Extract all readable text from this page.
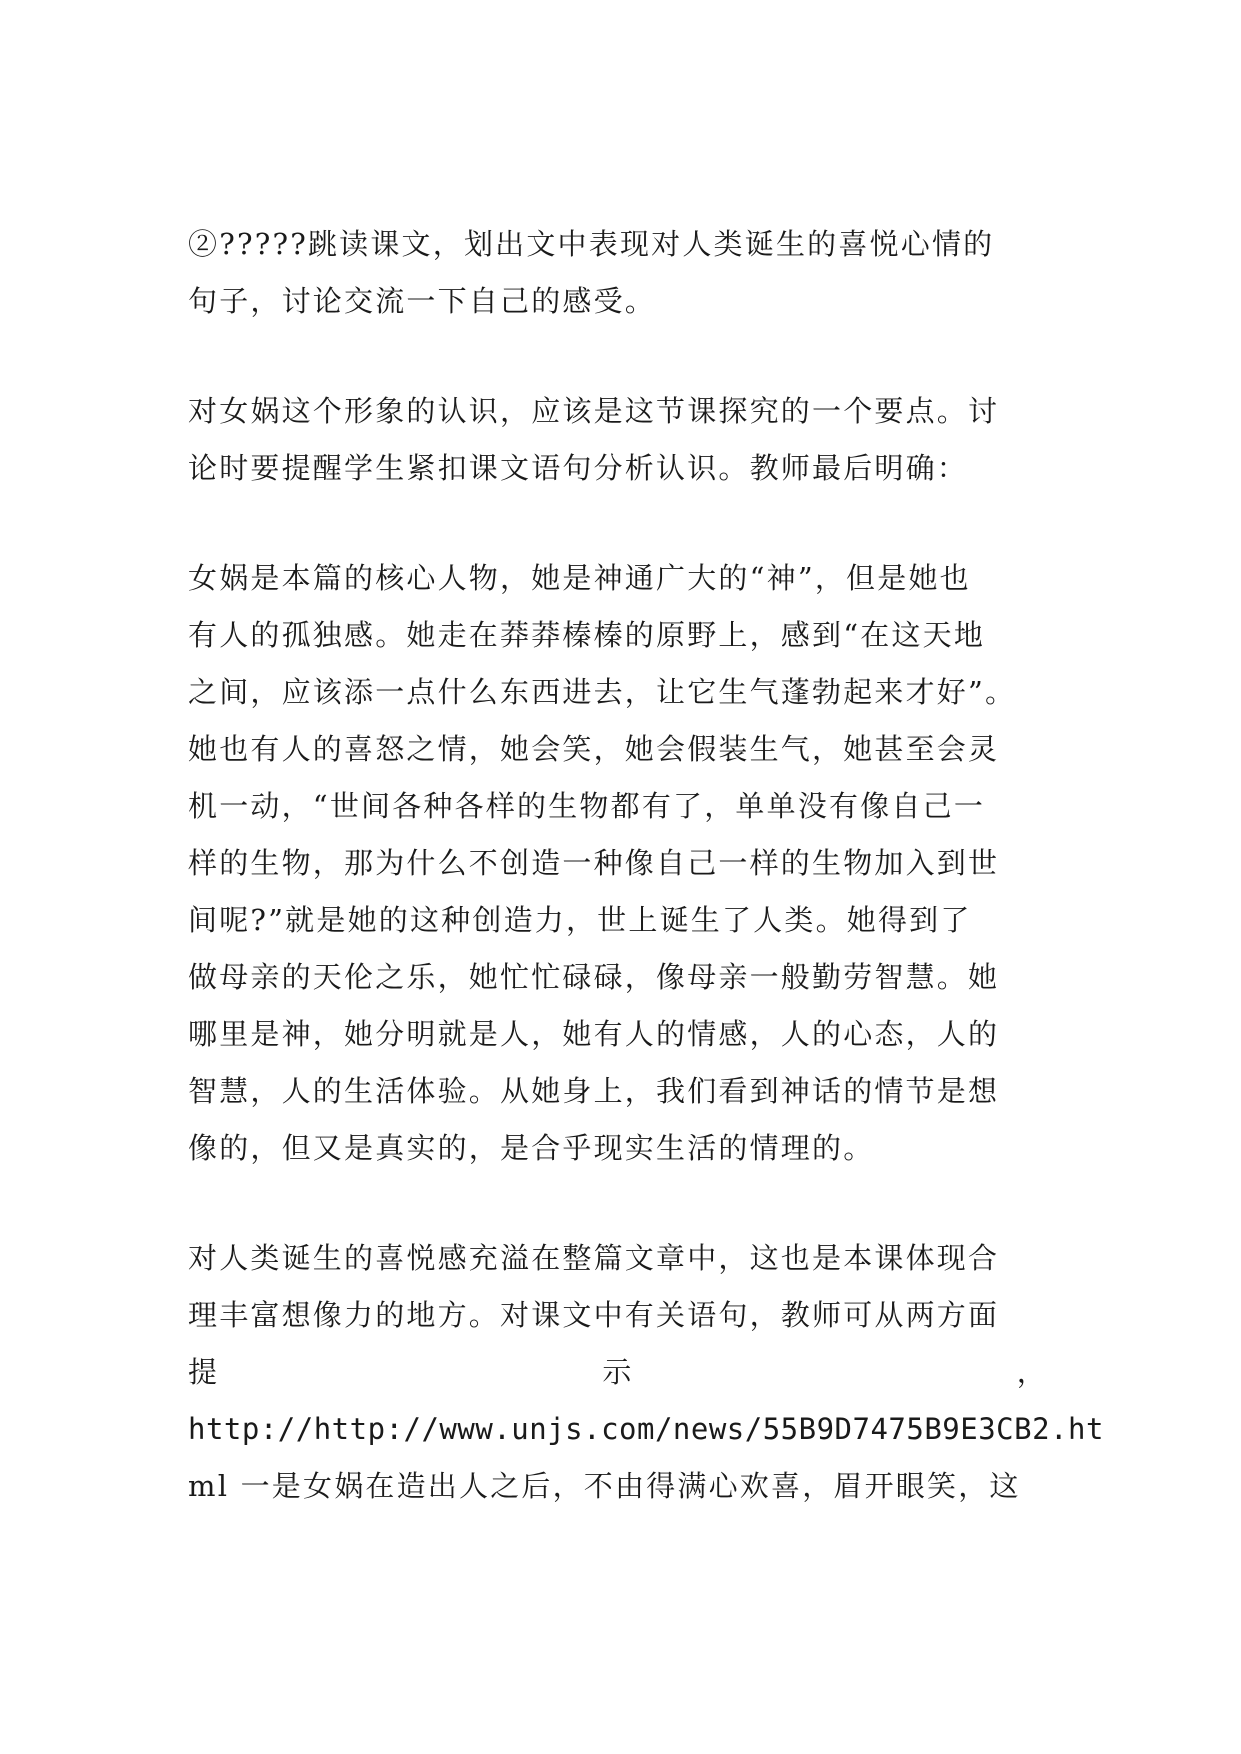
②?????跳读课文，划出文中表现对人类诞生的喜悦心情的
句子，讨论交流一下自己的感受。

对女娲这个形象的认识，应该是这节课探究的一个要点。讨
论时要提醒学生紧扣课文语句分析认识。教师最后明确：

女娲是本篇的核心人物，她是神通广大的“神”，但是她也
有人的孤独感。她走在莽莽榛榛的原野上，感到“在这天地
之间，应该添一点什么东西进去，让它生气蓬勃起来才好”。
她也有人的喜怒之情，她会笑，她会假装生气，她甚至会灵
机一动，“世间各种各样的生物都有了，单单没有像自己一
样的生物，那为什么不创造一种像自己一样的生物加入到世
间呢?”就是她的这种创造力，世上诞生了人类。她得到了
做母亲的天伦之乐，她忙忙碌碌，像母亲一般勤劳智慧。她
哪里是神，她分明就是人，她有人的情感，人的心态，人的
智慧，人的生活体验。从她身上，我们看到神话的情节是想
像的，但又是真实的，是合乎现实生活的情理的。

对人类诞生的喜悦感充溢在整篇文章中，这也是本课体现合
理丰富想像力的地方。对课文中有关语句，教师可从两方面
提	示	，
http://http://www.unjs.com/news/55B9D7475B9E3CB2.ht
ml 一是女娲在造出人之后，不由得满心欢喜，眉开眼笑，这
